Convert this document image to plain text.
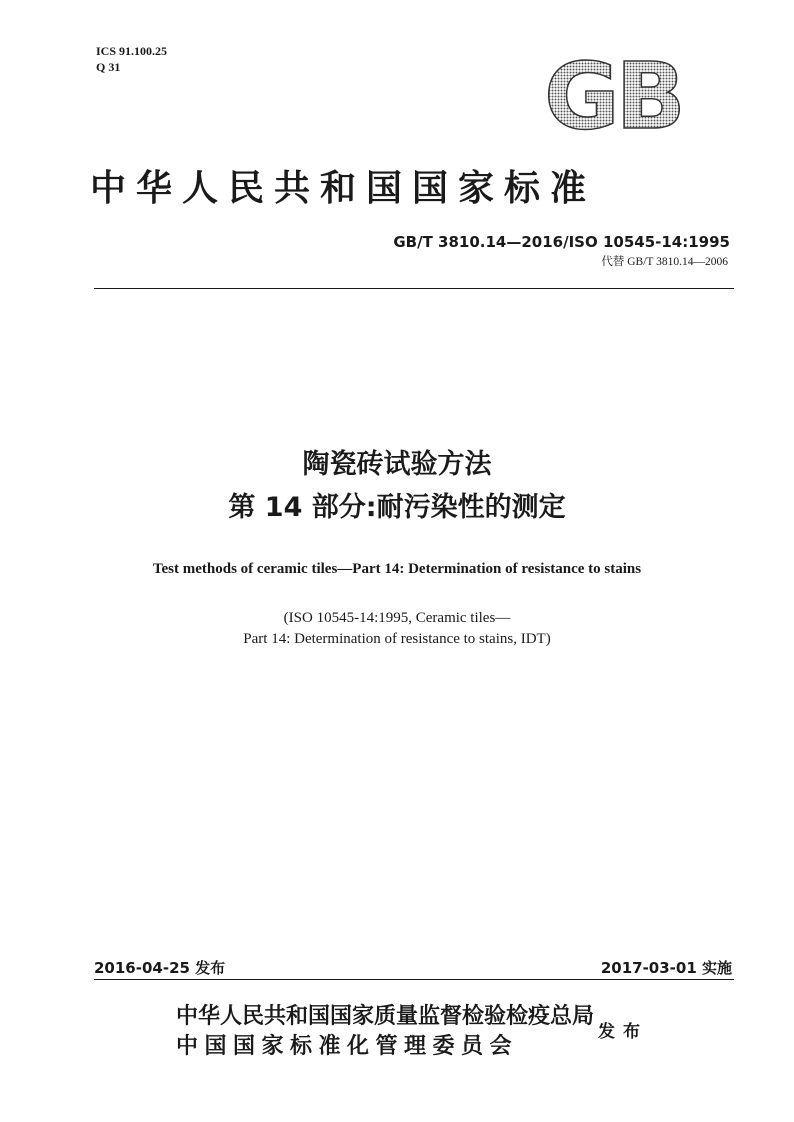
ICS 91.100.25
Q 31	GB
中华人民共和国国家标准
GB/T 3810.14—2016/ISO 10545-14:1995
代替 GB/T 3810.14—2006
陶瓷砖试验方法
第 14 部分:耐污染性的测定
Test methods of ceramic tiles—Part 14: Determination of resistance to stains
(ISO 10545-14:1995, Ceramic tiles—
Part 14: Determination of resistance to stains, IDT)
2016-04-25 发布	2017-03-01 实施
中华人民共和国国家质量监督检验检疫总局
中国国家标准化管理委员会
发布
